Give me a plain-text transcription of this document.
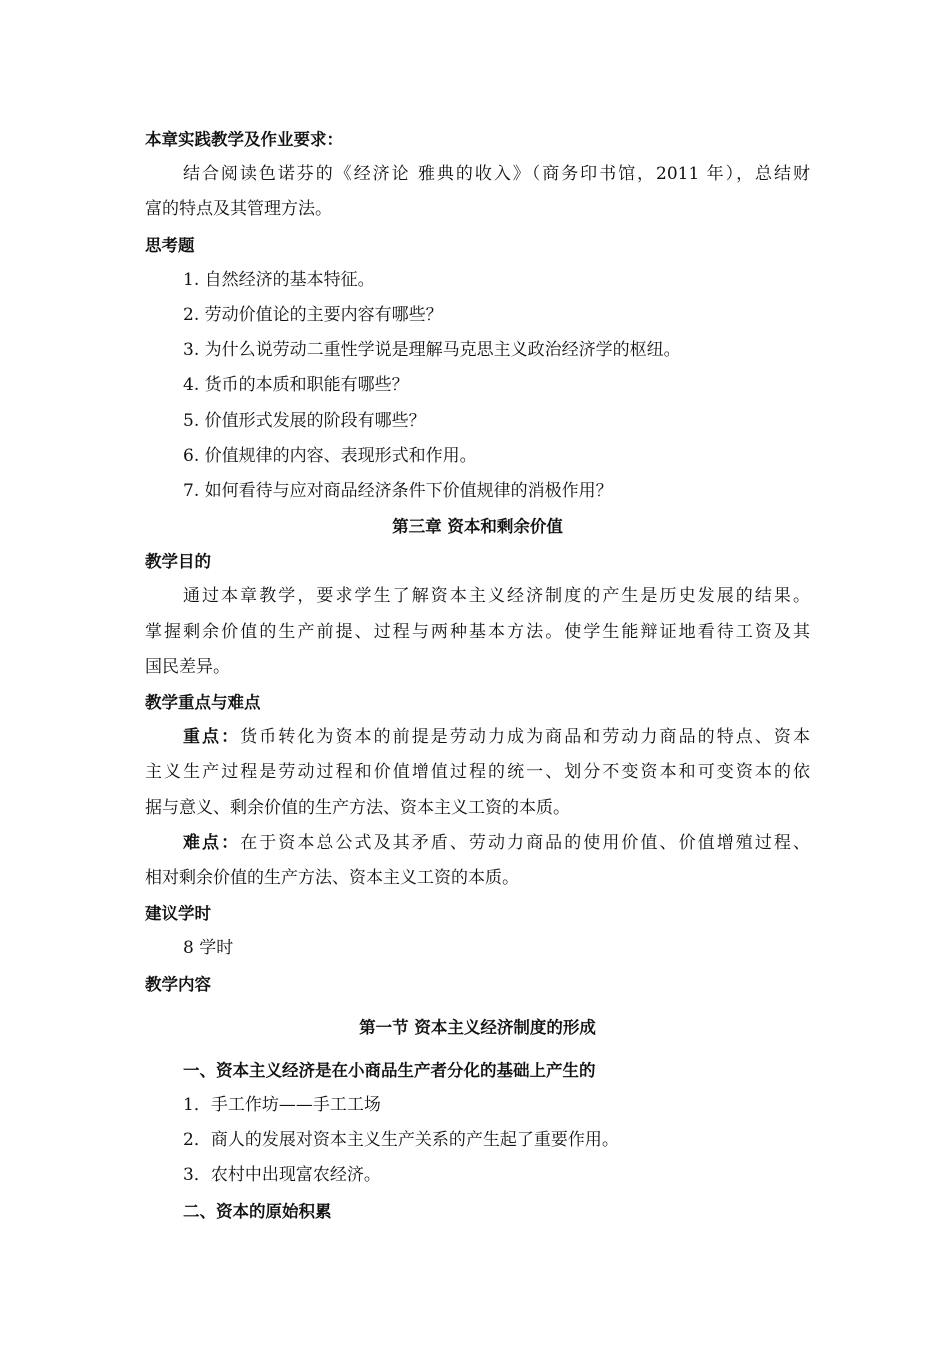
本章实践教学及作业要求：
结合阅读色诺芬的《经济论 雅典的收入》（商务印书馆，2011 年），总结财
富的特点及其管理方法。
思考题
1. 自然经济的基本特征。
2. 劳动价值论的主要内容有哪些？
3. 为什么说劳动二重性学说是理解马克思主义政治经济学的枢纽。
4. 货币的本质和职能有哪些？
5. 价值形式发展的阶段有哪些？
6. 价值规律的内容、表现形式和作用。
7. 如何看待与应对商品经济条件下价值规律的消极作用？
第三章 资本和剩余价值
教学目的
通过本章教学，要求学生了解资本主义经济制度的产生是历史发展的结果。
掌握剩余价值的生产前提、过程与两种基本方法。使学生能辩证地看待工资及其
国民差异。
教学重点与难点
重点：货币转化为资本的前提是劳动力成为商品和劳动力商品的特点、资本
主义生产过程是劳动过程和价值增值过程的统一、划分不变资本和可变资本的依
据与意义、剩余价值的生产方法、资本主义工资的本质。
难点：在于资本总公式及其矛盾、劳动力商品的使用价值、价值增殖过程、
相对剩余价值的生产方法、资本主义工资的本质。
建议学时
8 学时
教学内容
第一节 资本主义经济制度的形成
一、资本主义经济是在小商品生产者分化的基础上产生的
1．手工作坊——手工工场
2．商人的发展对资本主义生产关系的产生起了重要作用。
3．农村中出现富农经济。
二、资本的原始积累
